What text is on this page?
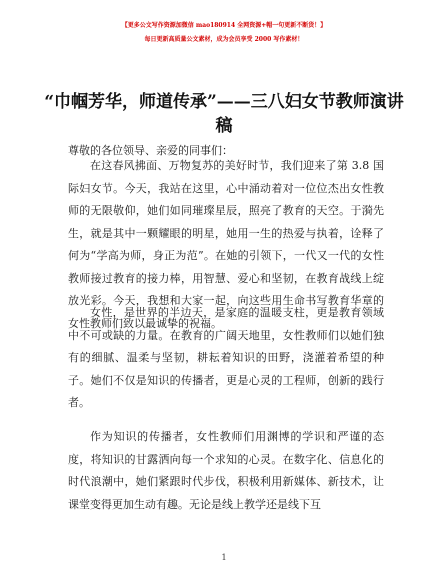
【更多公文写作资源加微信 mao180914 全网资源+帽一句更新不断货！】
每日更新高质量公文素材，成为会员享受 2000 写作素材！
“巾帼芳华，师道传承”——三八妇女节教师演讲稿
尊敬的各位领导、亲爱的同事们：
在这春风拂面、万物复苏的美好时节，我们迎来了第 3.8 国际妇女节。今天，我站在这里，心中涌动着对一位位杰出女性教师的无限敬仰，她们如同璀璨星辰，照亮了教育的天空。于漪先生，就是其中一颗耀眼的明星，她用一生的热爱与执着，诠释了何为“学高为师，身正为范”。在她的引领下，一代又一代的女性教师接过教育的接力棒，用智慧、爱心和坚韧，在教育战线上绽放光彩。今天，我想和大家一起，向这些用生命书写教育华章的女性教师们致以最诚挚的祝福。
女性，是世界的半边天，是家庭的温暖支柱，更是教育领域中不可或缺的力量。在教育的广阔天地里，女性教师们以她们独有的细腻、温柔与坚韧，耕耘着知识的田野，浇灌着希望的种子。她们不仅是知识的传播者，更是心灵的工程师，创新的践行者。
作为知识的传播者，女性教师们用渊博的学识和严谨的态度，将知识的甘露洒向每一个求知的心灵。在数字化、信息化的时代浪潮中，她们紧跟时代步伐，积极利用新媒体、新技术，让课堂变得更加生动有趣。无论是线上教学还是线下互
1
